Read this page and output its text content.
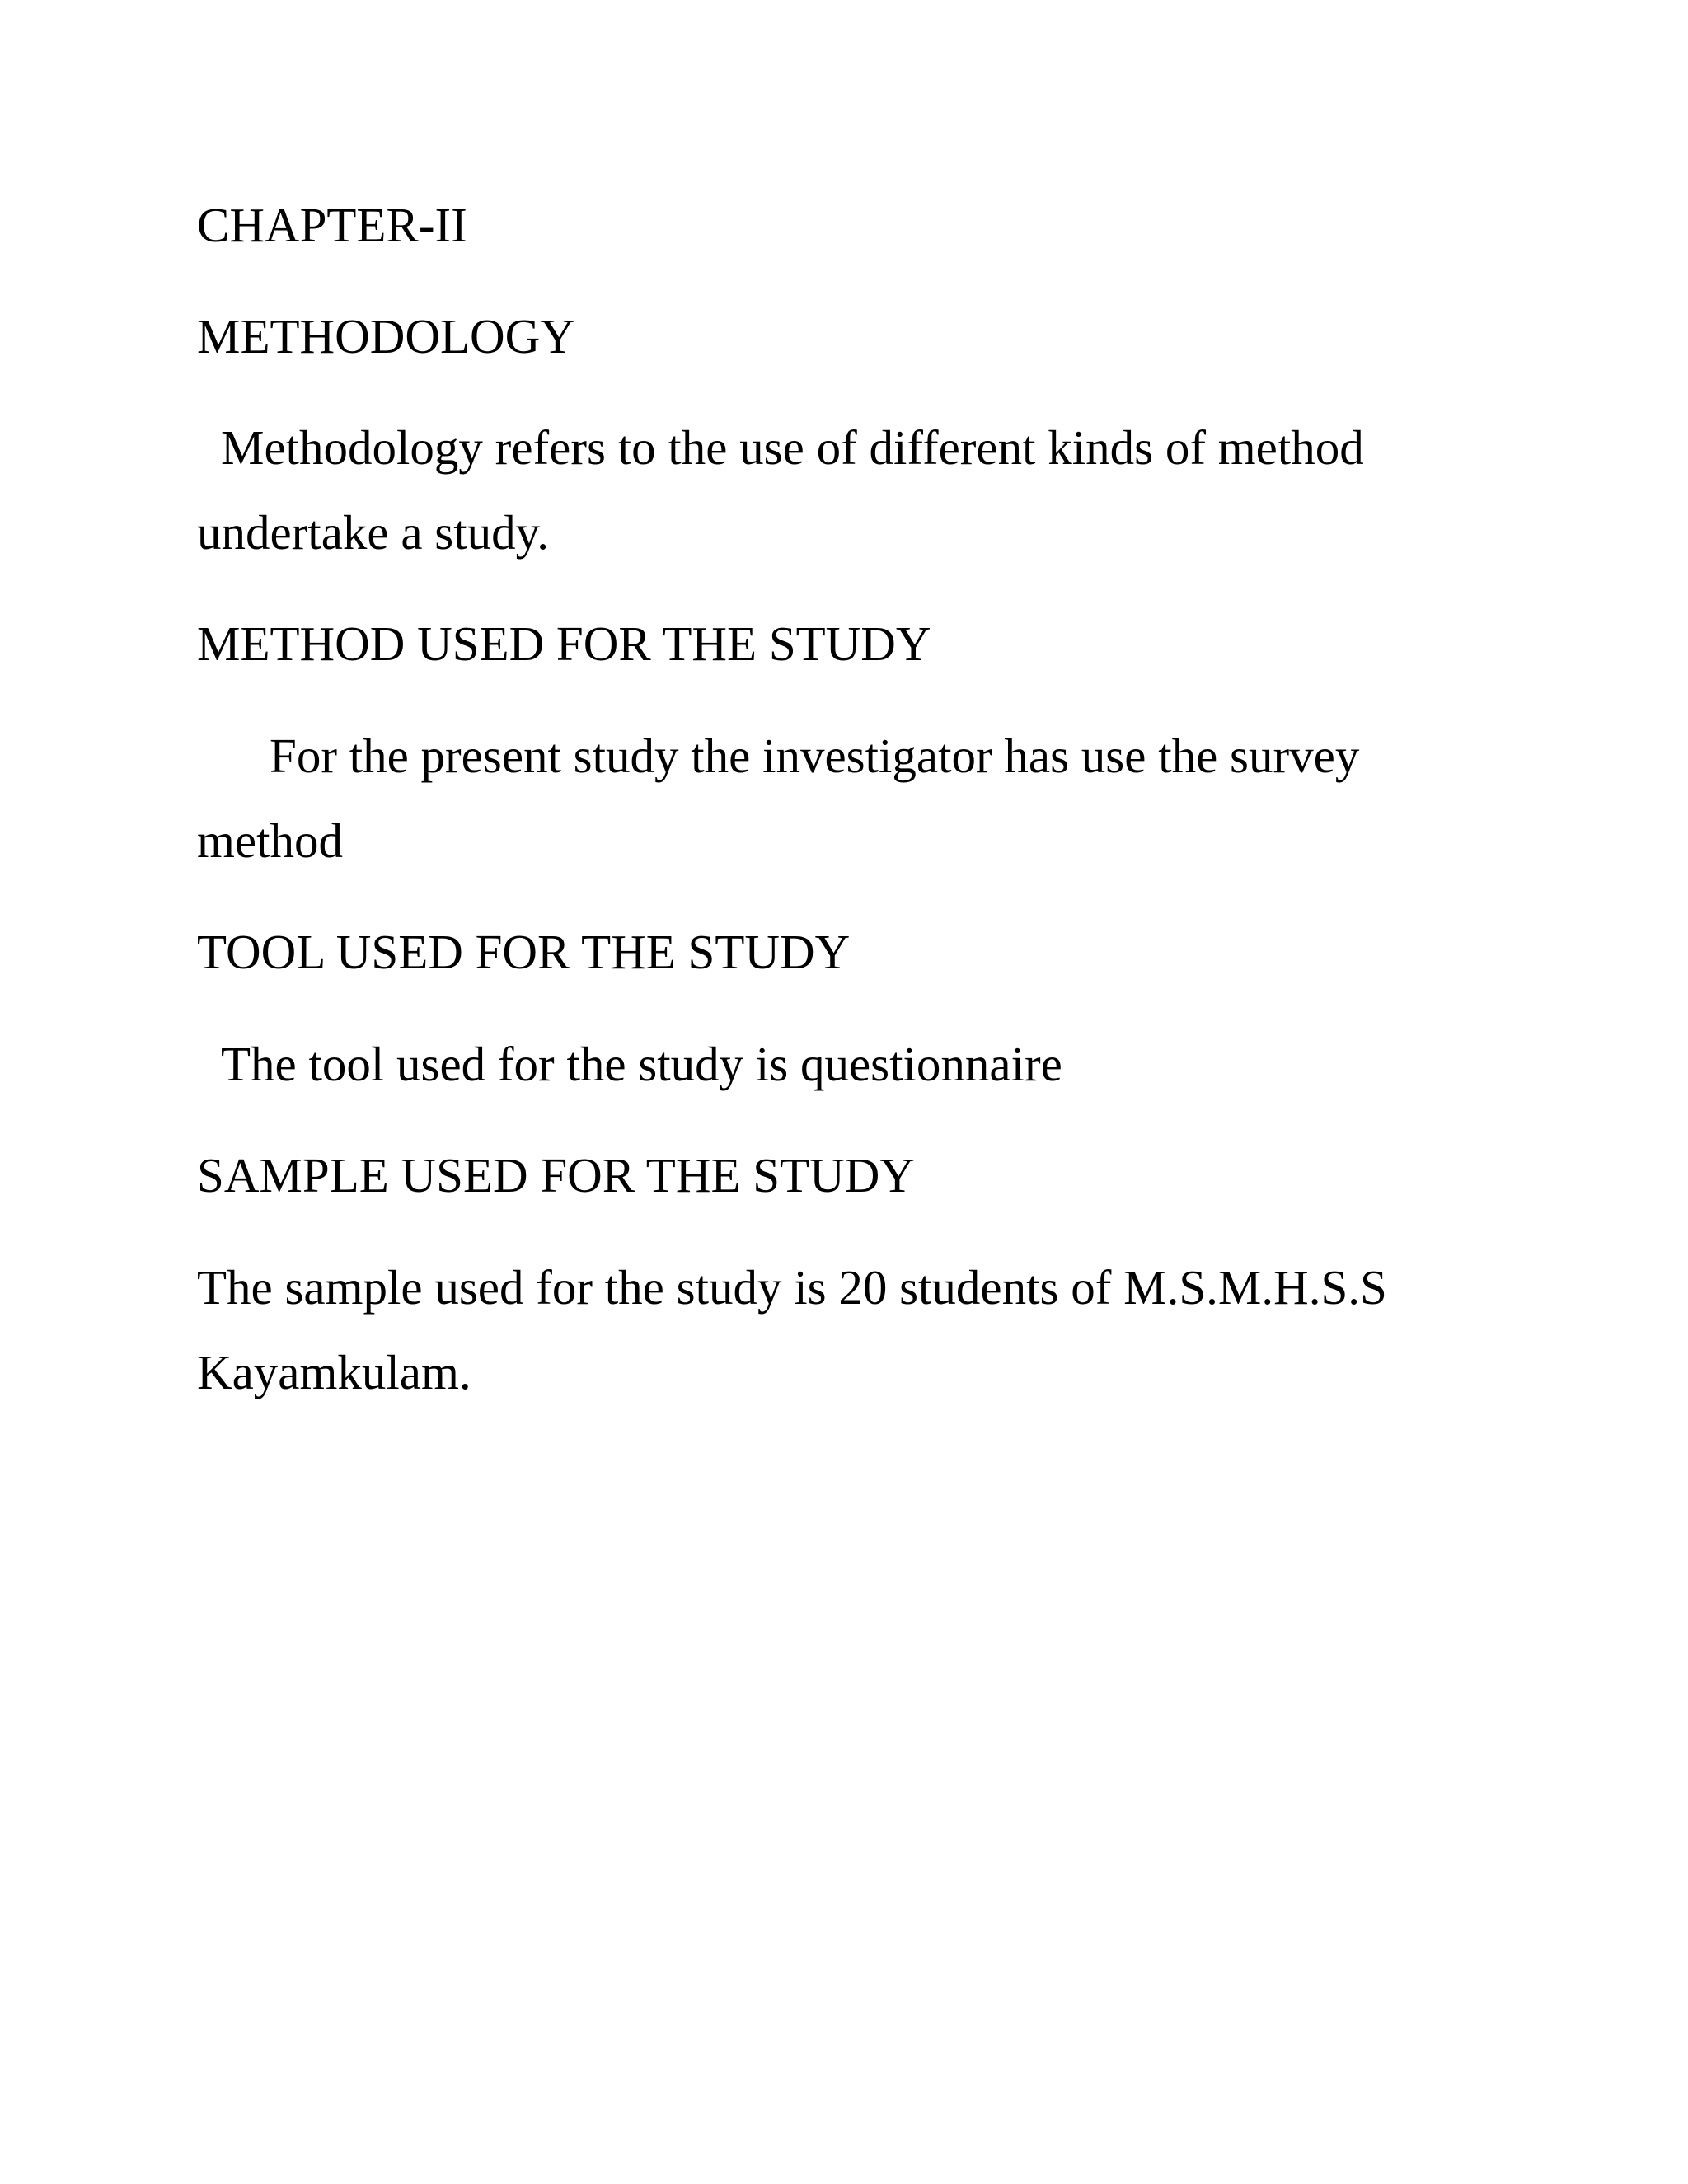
CHAPTER-II

METHODOLOGY

Methodology refers to the use of different kinds of method

undertake a study.

METHOD USED FOR THE STUDY

For the present study the investigator has use the survey

method

TOOL USED FOR THE STUDY

The tool used for the study is questionnaire

SAMPLE USED FOR THE STUDY

The sample used for the study is 20 students of M.S.M.H.S.S

Kayamkulam.
